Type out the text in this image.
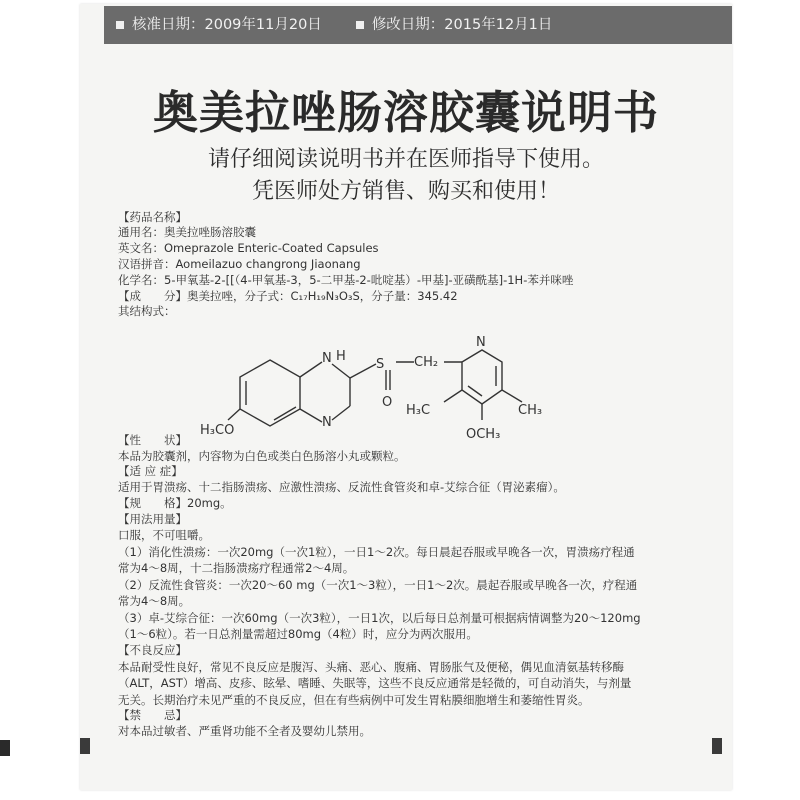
核准日期：2009年11月20日	修改日期：2015年12月1日
奥美拉唑肠溶胶囊说明书
请仔细阅读说明书并在医师指导下使用。
凭医师处方销售、购买和使用！
【药品名称】
通用名：奥美拉唑肠溶胶囊
英文名：Omeprazole Enteric-Coated Capsules
汉语拼音：Aomeilazuo changrong Jiaonang
化学名：5-甲氧基-2-[[（4-甲氧基-3，5-二甲基-2-吡啶基）-甲基]-亚磺酰基]-1H-苯并咪唑
【成　　分】奥美拉唑，分子式：C₁₇H₁₉N₃O₃S，分子量：345.42
其结构式：
H
N
N
S
O
CH₂
N
H₃CO
H₃C	CH₃
OCH₃
【性　　状】
本品为胶囊剂，内容物为白色或类白色肠溶小丸或颗粒。
【适 应 症】
适用于胃溃疡、十二指肠溃疡、应激性溃疡、反流性食管炎和卓-艾综合征（胃泌素瘤）。
【规　　格】20mg。
【用法用量】
口服，不可咀嚼。
（1）消化性溃疡：一次20mg（一次1粒），一日1～2次。每日晨起吞服或早晚各一次，胃溃疡疗程通
常为4～8周，十二指肠溃疡疗程通常2～4周。
（2）反流性食管炎：一次20～60 mg（一次1～3粒），一日1～2次。晨起吞服或早晚各一次，疗程通
常为4～8周。
（3）卓-艾综合征：一次60mg（一次3粒），一日1次，以后每日总剂量可根据病情调整为20～120mg
（1～6粒）。若一日总剂量需超过80mg（4粒）时，应分为两次服用。
【不良反应】
本品耐受性良好，常见不良反应是腹泻、头痛、恶心、腹痛、胃肠胀气及便秘，偶见血清氨基转移酶
（ALT，AST）增高、皮疹、眩晕、嗜睡、失眠等，这些不良反应通常是轻微的，可自动消失，与剂量
无关。长期治疗未见严重的不良反应，但在有些病例中可发生胃粘膜细胞增生和萎缩性胃炎。
【禁　　忌】
对本品过敏者、严重肾功能不全者及婴幼儿禁用。
